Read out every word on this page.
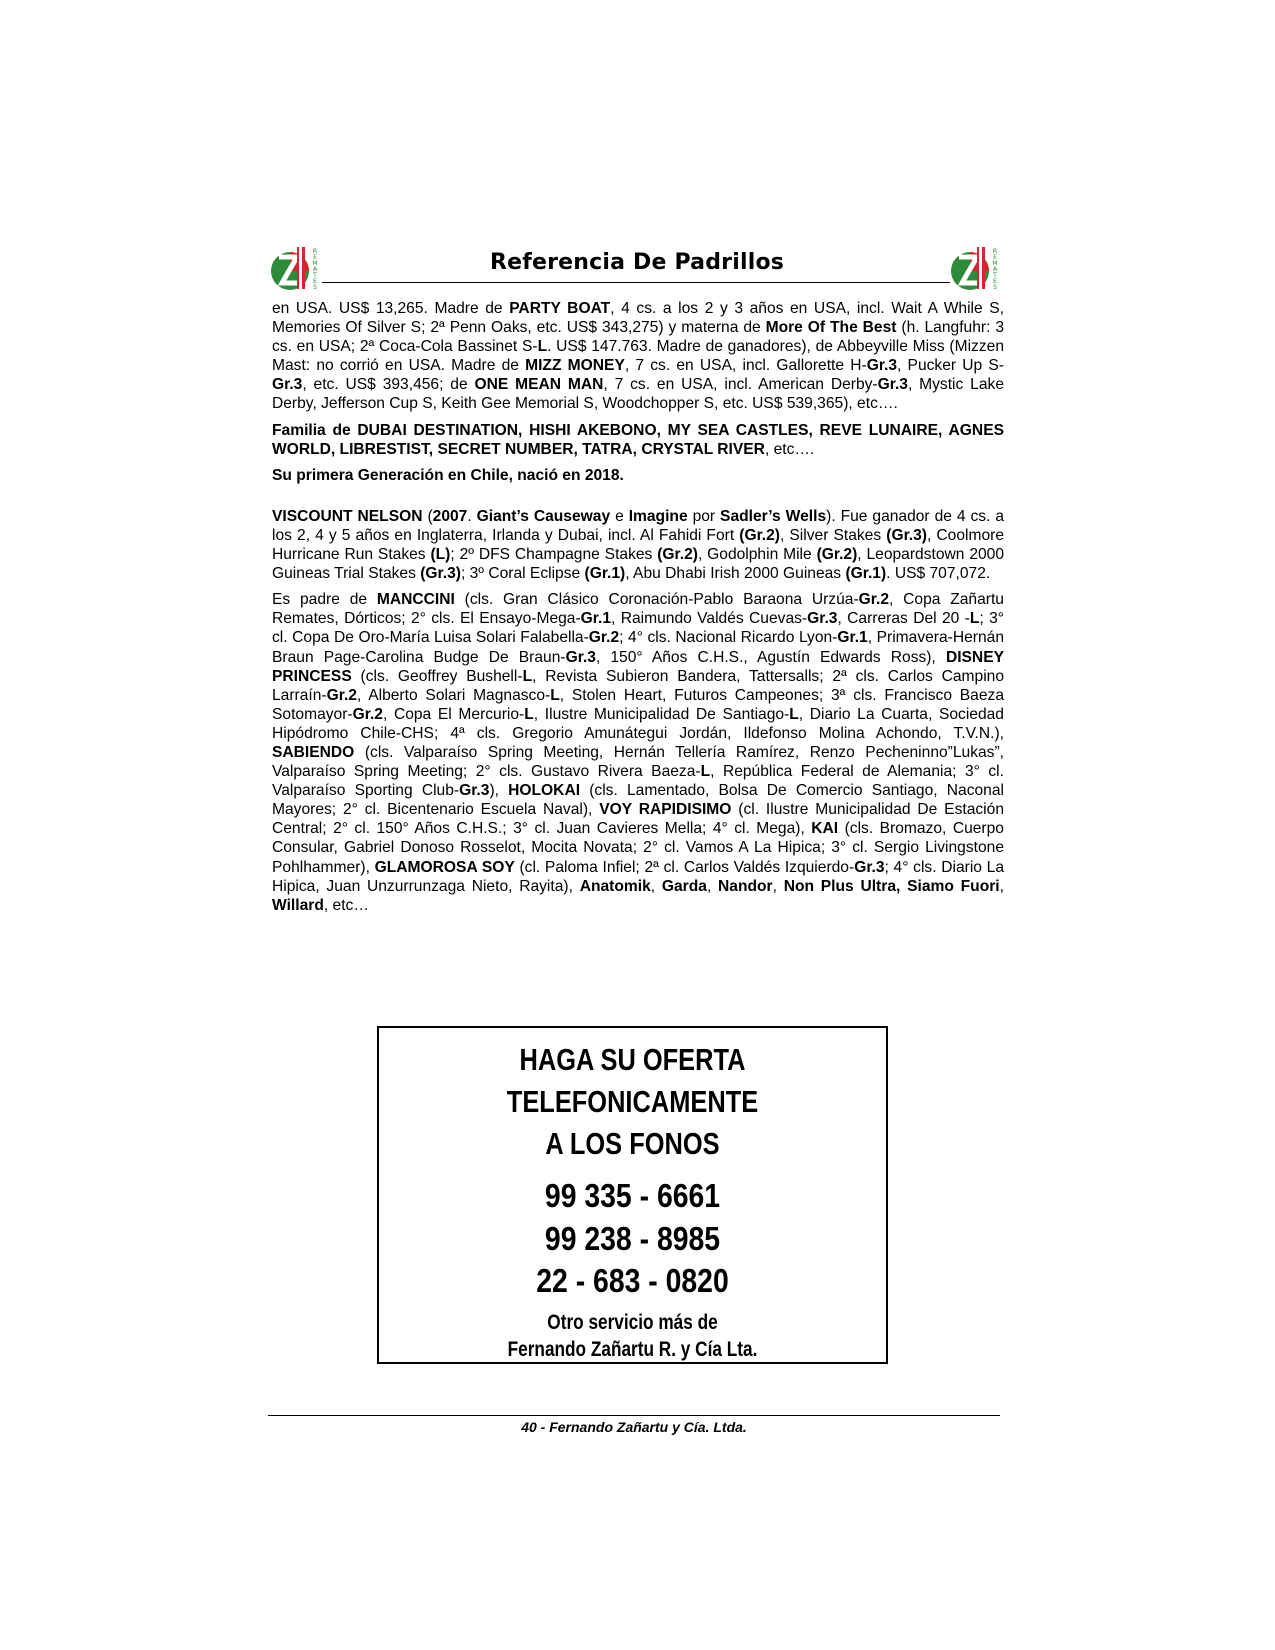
R
E
M
A
T
E
S
Referencia De Padrillos	R
E
M
A
T
E
S

en USA. US$ 13,265. Madre de PARTY BOAT, 4 cs. a los 2 y 3 años en USA, incl. Wait A While S, Memories Of Silver S; 2ª Penn Oaks, etc. US$ 343,275) y materna de More Of The Best (h. Langfuhr: 3 cs. en USA; 2ª Coca-Cola Bassinet S-L. US$ 147.763. Madre de ganadores), de Abbeyville Miss (Mizzen Mast: no corrió en USA. Madre de MIZZ MONEY, 7 cs. en USA, incl. Gallorette H-Gr.3, Pucker Up S-Gr.3, etc. US$ 393,456; de ONE MEAN MAN, 7 cs. en USA, incl. American Derby-Gr.3, Mystic Lake Derby, Jefferson Cup S, Keith Gee Memorial S, Woodchopper S, etc. US$ 539,365), etc….

Familia de DUBAI DESTINATION, HISHI AKEBONO, MY SEA CASTLES, REVE LUNAIRE, AGNES WORLD, LIBRESTIST, SECRET NUMBER, TATRA, CRYSTAL RIVER, etc….

Su primera Generación en Chile, nació en 2018.

VISCOUNT NELSON (2007. Giant’s Causeway e Imagine por Sadler’s Wells). Fue ganador de 4 cs. a los 2, 4 y 5 años en Inglaterra, Irlanda y Dubai, incl. Al Fahidi Fort (Gr.2), Silver Stakes (Gr.3), Coolmore Hurricane Run Stakes (L); 2º DFS Champagne Stakes (Gr.2), Godolphin Mile (Gr.2), Leopardstown 2000 Guineas Trial Stakes (Gr.3); 3º Coral Eclipse (Gr.1), Abu Dhabi Irish 2000 Guineas (Gr.1). US$ 707,072.

Es padre de MANCCINI (cls. Gran Clásico Coronación-Pablo Baraona Urzúa-Gr.2, Copa Zañartu Remates, Dórticos; 2° cls. El Ensayo-Mega-Gr.1, Raimundo Valdés Cuevas-Gr.3, Carreras Del 20 -L; 3° cl. Copa De Oro-María Luisa Solari Falabella-Gr.2; 4° cls. Nacional Ricardo Lyon-Gr.1, Primavera-Hernán Braun Page-Carolina Budge De Braun-Gr.3, 150° Años C.H.S., Agustín Edwards Ross), DISNEY PRINCESS (cls. Geoffrey Bushell-L, Revista Subieron Bandera, Tattersalls; 2ª cls. Carlos Campino Larraín-Gr.2, Alberto Solari Magnasco-L, Stolen Heart, Futuros Campeones; 3ª cls. Francisco Baeza Sotomayor-Gr.2, Copa El Mercurio-L, Ilustre Municipalidad De Santiago-L, Diario La Cuarta, Sociedad Hipódromo Chile-CHS; 4ª cls. Gregorio Amunátegui Jordán, Ildefonso Molina Achondo, T.V.N.), SABIENDO (cls. Valparaíso Spring Meeting, Hernán Tellería Ramírez, Renzo Pecheninno”Lukas”, Valparaíso Spring Meeting; 2° cls. Gustavo Rivera Baeza-L, República Federal de Alemania; 3° cl. Valparaíso Sporting Club-Gr.3), HOLOKAI (cls. Lamentado, Bolsa De Comercio Santiago, Naconal Mayores; 2° cl. Bicentenario Escuela Naval), VOY RAPIDISIMO (cl. Ilustre Municipalidad De Estación Central; 2° cl. 150° Años C.H.S.; 3° cl. Juan Cavieres Mella; 4° cl. Mega), KAI (cls. Bromazo, Cuerpo Consular, Gabriel Donoso Rosselot, Mocita Novata; 2° cl. Vamos A La Hipica; 3° cl. Sergio Livingstone Pohlhammer), GLAMOROSA SOY (cl. Paloma Infiel; 2ª cl. Carlos Valdés Izquierdo-Gr.3; 4° cls. Diario La Hipica, Juan Unzurrunzaga Nieto, Rayita), Anatomik, Garda, Nandor, Non Plus Ultra, Siamo Fuori, Willard, etc…

HAGA SU OFERTA
TELEFONICAMENTE
A LOS FONOS
99 335 - 6661
99 238 - 8985
22 - 683 - 0820
Otro servicio más de
Fernando Zañartu R. y Cía Lta.
40 - Fernando Zañartu y Cía. Ltda.
